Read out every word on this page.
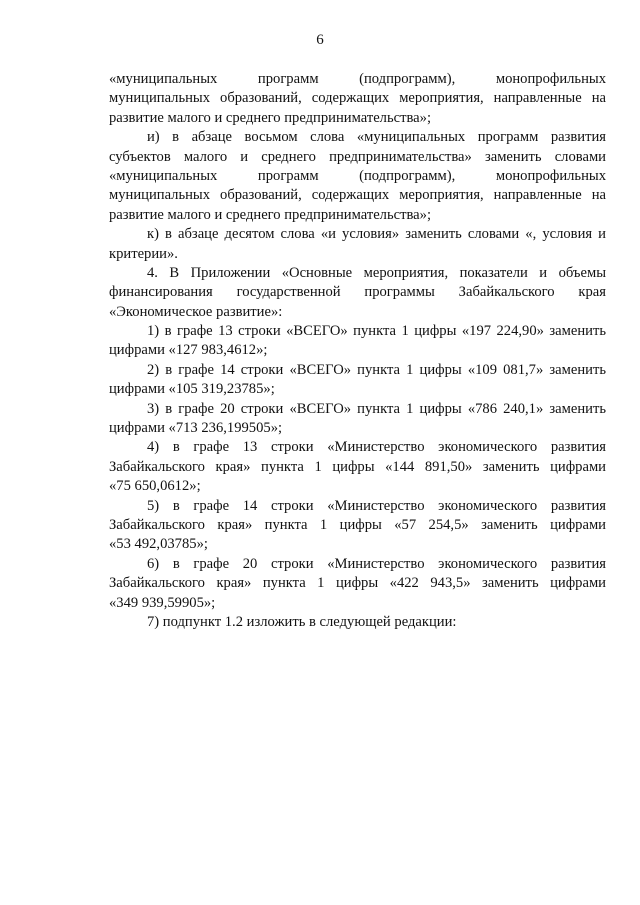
6
«муниципальных программ (подпрограмм), монопрофильных
муниципальных образований, содержащих мероприятия, направленные на
развитие малого и среднего предпринимательства»;
и) в абзаце восьмом слова «муниципальных программ развития
субъектов малого и среднего предпринимательства» заменить словами
«муниципальных программ (подпрограмм), монопрофильных
муниципальных образований, содержащих мероприятия, направленные на
развитие малого и среднего предпринимательства»;
к) в абзаце десятом слова «и условия» заменить словами «, условия и
критерии».
4. В Приложении «Основные мероприятия, показатели и объемы
финансирования государственной программы Забайкальского края
«Экономическое развитие»:
1) в графе 13 строки «ВСЕГО» пункта 1 цифры «197 224,90» заменить
цифрами «127 983,4612»;
2) в графе 14 строки «ВСЕГО» пункта 1 цифры «109 081,7» заменить
цифрами «105 319,23785»;
3) в графе 20 строки «ВСЕГО» пункта 1 цифры «786 240,1» заменить
цифрами «713 236,199505»;
4) в графе 13 строки «Министерство экономического развития
Забайкальского края» пункта 1 цифры «144 891,50» заменить цифрами
«75 650,0612»;
5) в графе 14 строки «Министерство экономического развития
Забайкальского края» пункта 1 цифры «57 254,5» заменить цифрами
«53 492,03785»;
6) в графе 20 строки «Министерство экономического развития
Забайкальского края» пункта 1 цифры «422 943,5» заменить цифрами
«349 939,59905»;
7) подпункт 1.2 изложить в следующей редакции:
